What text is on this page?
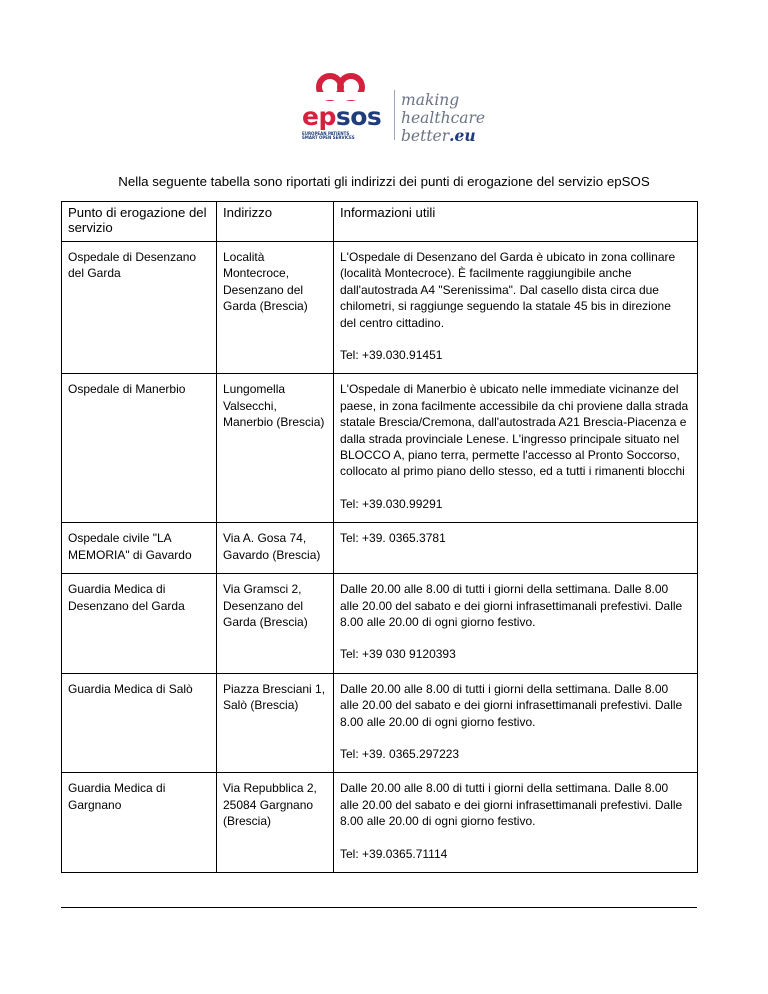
epsos
EUROPEAN PATIENTS
SMART OPEN SERVICES
making
healthcare
better.eu
Nella seguente tabella sono riportati gli indirizzi dei punti di erogazione del servizio epSOS
Punto di erogazione del servizio	Indirizzo	Informazioni utili
Ospedale di Desenzano del Garda	Località Montecroce, Desenzano del Garda (Brescia)	L'Ospedale di Desenzano del Garda è ubicato in zona collinare (località Montecroce). È facilmente raggiungibile anche dall'autostrada A4 "Serenissima". Dal casello dista circa due chilometri, si raggiunge seguendo la statale 45 bis in direzione del centro cittadino.

Tel: +39.030.91451

Ospedale di Manerbio	Lungomella Valsecchi, Manerbio (Brescia)	L'Ospedale di Manerbio è ubicato nelle immediate vicinanze del paese, in zona facilmente accessibile da chi proviene dalla strada statale Brescia/Cremona, dall'autostrada A21 Brescia-Piacenza e dalla strada provinciale Lenese. L'ingresso principale situato nel BLOCCO A, piano terra, permette l'accesso al Pronto Soccorso, collocato al primo piano dello stesso, ed a tutti i rimanenti blocchi

Tel: +39.030.99291

Ospedale civile "LA MEMORIA" di Gavardo	Via A. Gosa 74, Gavardo (Brescia)	Tel: +39. 0365.3781

Guardia Medica di Desenzano del Garda	Via Gramsci 2, Desenzano del Garda (Brescia)	Dalle 20.00 alle 8.00 di tutti i giorni della settimana. Dalle 8.00 alle 20.00 del sabato e dei giorni infrasettimanali prefestivi. Dalle 8.00 alle 20.00 di ogni giorno festivo.

Tel: +39 030 9120393

Guardia Medica di Salò	Piazza Bresciani 1, Salò (Brescia)	Dalle 20.00 alle 8.00 di tutti i giorni della settimana. Dalle 8.00 alle 20.00 del sabato e dei giorni infrasettimanali prefestivi. Dalle 8.00 alle 20.00 di ogni giorno festivo.

Tel: +39. 0365.297223

Guardia Medica di Gargnano	Via Repubblica 2, 25084 Gargnano (Brescia)	Dalle 20.00 alle 8.00 di tutti i giorni della settimana. Dalle 8.00 alle 20.00 del sabato e dei giorni infrasettimanali prefestivi. Dalle 8.00 alle 20.00 di ogni giorno festivo.

Tel: +39.0365.71114
